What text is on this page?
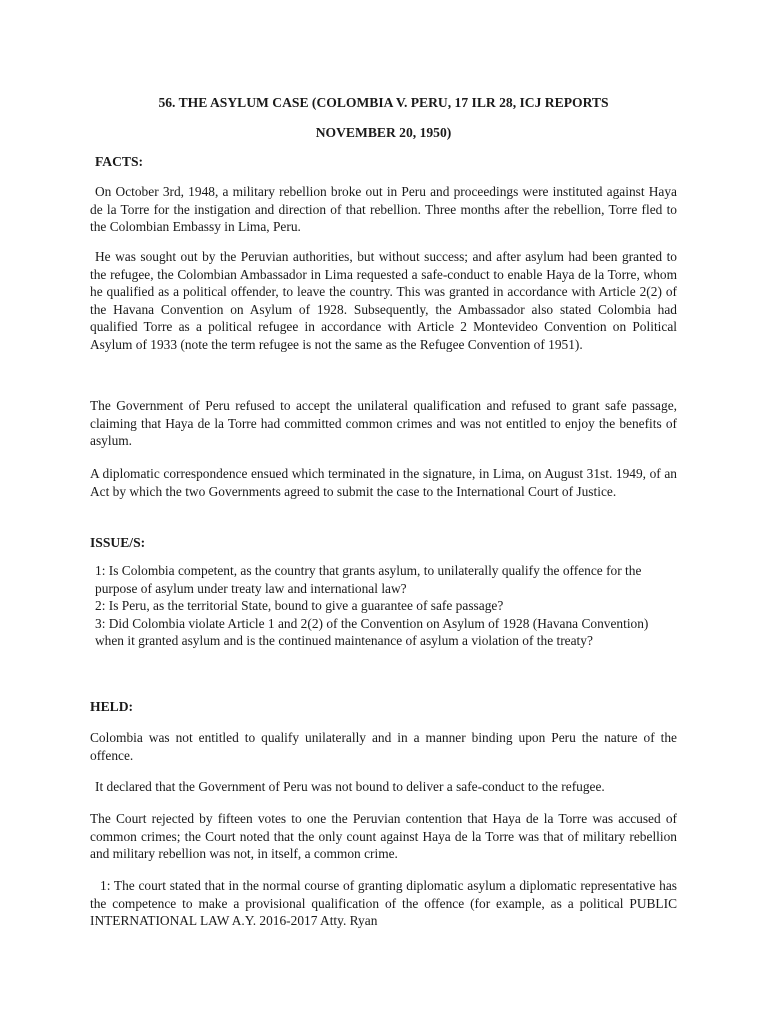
56. THE ASYLUM CASE (COLOMBIA V. PERU, 17 ILR 28, ICJ REPORTS
NOVEMBER 20, 1950)
FACTS:
On October 3rd, 1948, a military rebellion broke out in Peru and proceedings were instituted against Haya de la Torre for the instigation and direction of that rebellion. Three months after the rebellion, Torre fled to the Colombian Embassy in Lima, Peru.
He was sought out by the Peruvian authorities, but without success; and after asylum had been granted to the refugee, the Colombian Ambassador in Lima requested a safe-conduct to enable Haya de la Torre, whom he qualified as a political offender, to leave the country. This was granted in accordance with Article 2(2) of the Havana Convention on Asylum of 1928. Subsequently, the Ambassador also stated Colombia had qualified Torre as a political refugee in accordance with Article 2 Montevideo Convention on Political Asylum of 1933 (note the term refugee is not the same as the Refugee Convention of 1951).
The Government of Peru refused to accept the unilateral qualification and refused to grant safe passage, claiming that Haya de la Torre had committed common crimes and was not entitled to enjoy the benefits of asylum.
A diplomatic correspondence ensued which terminated in the signature, in Lima, on August 31st. 1949, of an Act by which the two Governments agreed to submit the case to the International Court of Justice.
ISSUE/S:
1: Is Colombia competent, as the country that grants asylum, to unilaterally qualify the offence for the purpose of asylum under treaty law and international law?
2: Is Peru, as the territorial State, bound to give a guarantee of safe passage?
3: Did Colombia violate Article 1 and 2(2) of the Convention on Asylum of 1928 (Havana Convention) when it granted asylum and is the continued maintenance of asylum a violation of the treaty?
HELD:
Colombia was not entitled to qualify unilaterally and in a manner binding upon Peru the nature of the offence.
It declared that the Government of Peru was not bound to deliver a safe-conduct to the refugee.
The Court rejected by fifteen votes to one the Peruvian contention that Haya de la Torre was accused of common crimes; the Court noted that the only count against Haya de la Torre was that of military rebellion and military rebellion was not, in itself, a common crime.
1: The court stated that in the normal course of granting diplomatic asylum a diplomatic representative has the competence to make a provisional qualification of the offence (for example, as a political PUBLIC INTERNATIONAL LAW A.Y. 2016-2017 Atty. Ryan
